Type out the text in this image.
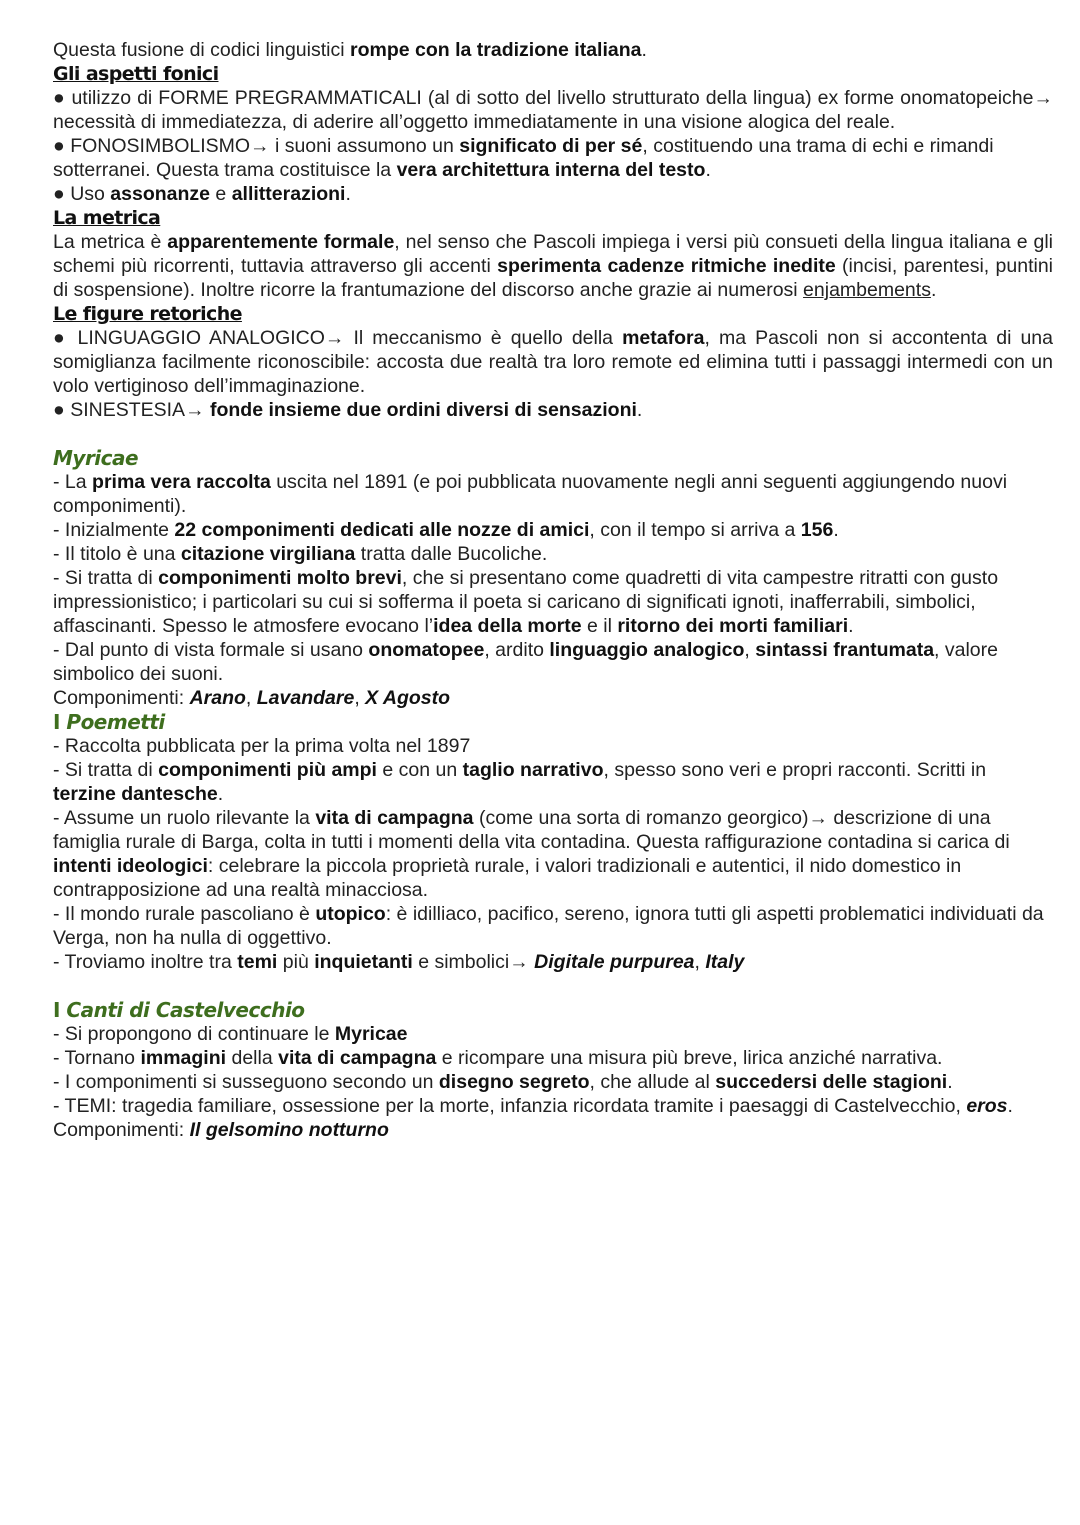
Questa fusione di codici linguistici rompe con la tradizione italiana.

Gli aspetti fonici

● utilizzo di FORME PREGRAMMATICALI (al di sotto del livello strutturato della lingua) ex forme onomatopeiche→ necessità di immediatezza, di aderire all’oggetto immediatamente in una visione alogica del reale.

● FONOSIMBOLISMO→ i suoni assumono un significato di per sé, costituendo una trama di echi e rimandi sotterranei. Questa trama costituisce la vera architettura interna del testo.

● Uso assonanze e allitterazioni.

La metrica

La metrica è apparentemente formale, nel senso che Pascoli impiega i versi più consueti della lingua italiana e gli schemi più ricorrenti, tuttavia attraverso gli accenti sperimenta cadenze ritmiche inedite (incisi, parentesi, puntini di sospensione). Inoltre ricorre la frantumazione del discorso anche grazie ai numerosi enjambements.

Le figure retoriche

● LINGUAGGIO ANALOGICO→ Il meccanismo è quello della metafora, ma Pascoli non si accontenta di una somiglianza facilmente riconoscibile: accosta due realtà tra loro remote ed elimina tutti i passaggi intermedi con un volo vertiginoso dell’immaginazione.

● SINESTESIA→ fonde insieme due ordini diversi di sensazioni.

Myricae

- La prima vera raccolta uscita nel 1891 (e poi pubblicata nuovamente negli anni seguenti aggiungendo nuovi componimenti).

- Inizialmente 22 componimenti dedicati alle nozze di amici, con il tempo si arriva a 156.

- Il titolo è una citazione virgiliana tratta dalle Bucoliche.

- Si tratta di componimenti molto brevi, che si presentano come quadretti di vita campestre ritratti con gusto impressionistico; i particolari su cui si sofferma il poeta si caricano di significati ignoti, inafferrabili, simbolici, affascinanti. Spesso le atmosfere evocano l’idea della morte e il ritorno dei morti familiari.

- Dal punto di vista formale si usano onomatopee, ardito linguaggio analogico, sintassi frantumata, valore simbolico dei suoni.

Componimenti: Arano, Lavandare, X Agosto

I Poemetti

- Raccolta pubblicata per la prima volta nel 1897

- Si tratta di componimenti più ampi e con un taglio narrativo, spesso sono veri e propri racconti. Scritti in terzine dantesche.

- Assume un ruolo rilevante la vita di campagna (come una sorta di romanzo georgico)→ descrizione di una famiglia rurale di Barga, colta in tutti i momenti della vita contadina. Questa raffigurazione contadina si carica di intenti ideologici: celebrare la piccola proprietà rurale, i valori tradizionali e autentici, il nido domestico in contrapposizione ad una realtà minacciosa.

- Il mondo rurale pascoliano è utopico: è idilliaco, pacifico, sereno, ignora tutti gli aspetti problematici individuati da Verga, non ha nulla di oggettivo.

- Troviamo inoltre tra temi più inquietanti e simbolici→ Digitale purpurea, Italy

I Canti di Castelvecchio

- Si propongono di continuare le Myricae

- Tornano immagini della vita di campagna e ricompare una misura più breve, lirica anziché narrativa.

- I componimenti si susseguono secondo un disegno segreto, che allude al succedersi delle stagioni.

- TEMI: tragedia familiare, ossessione per la morte, infanzia ricordata tramite i paesaggi di Castelvecchio, eros. Componimenti: Il gelsomino notturno
